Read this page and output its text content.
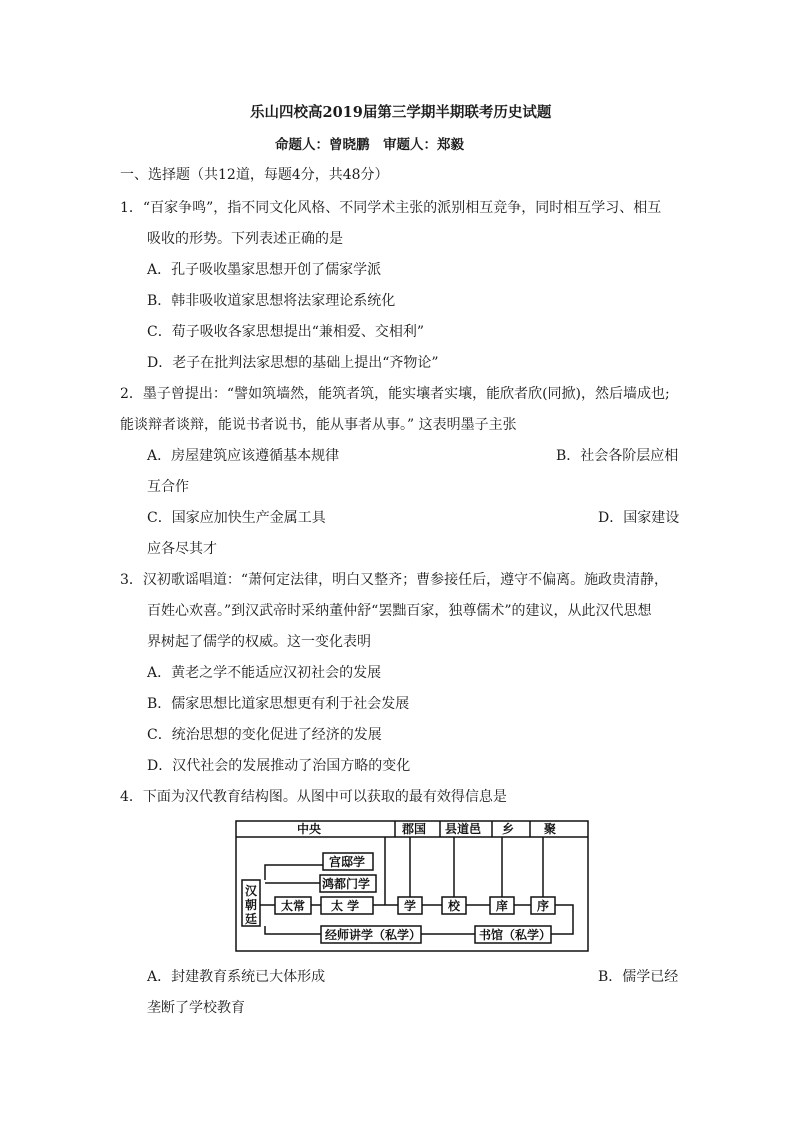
乐山四校高2019届第三学期半期联考历史试题
命题人：曾晓鹏　审题人：郑毅
一、选择题（共12道，每题4分，共48分）
1．“百家争鸣”，指不同文化风格、不同学术主张的派别相互竞争，同时相互学习、相互
吸收的形势。下列表述正确的是
A．孔子吸收墨家思想开创了儒家学派
B．韩非吸收道家思想将法家理论系统化
C．荀子吸收各家思想提出“兼相爱、交相利”
D．老子在批判法家思想的基础上提出“齐物论”
2．墨子曾提出：“譬如筑墙然，能筑者筑，能实壤者实壤，能欣者欣(同掀)，然后墙成也;
能谈辩者谈辩，能说书者说书，能从事者从事。” 这表明墨子主张
A．房屋建筑应该遵循基本规律	B．社会各阶层应相
互合作
C．国家应加快生产金属工具	D．国家建设
应各尽其才
3．汉初歌谣唱道：“萧何定法律，明白又整齐；曹参接任后，遵守不偏离。施政贵清静，
百姓心欢喜。”到汉武帝时采纳董仲舒“罢黜百家，独尊儒术”的建议，从此汉代思想
界树起了儒学的权威。这一变化表明
A．黄老之学不能适应汉初社会的发展
B．儒家思想比道家思想更有利于社会发展
C．统治思想的变化促进了经济的发展
D．汉代社会的发展推动了治国方略的变化
4．下面为汉代教育结构图。从图中可以获取的最有效得信息是
中央	郡国 县道邑 乡 聚
汉
朝
廷
太常
宫邸学
鸿都门学
太 学
经师讲学（私学）
学	校	庠 序
书馆（私学）
A．封建教育系统已大体形成	B．儒学已经
垄断了学校教育
